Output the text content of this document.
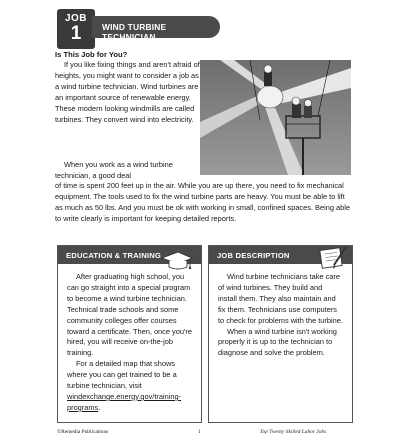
JOB
1	WIND TURBINE TECHNICIAN
Is This Job for You?

If you like fixing things and aren't afraid of heights, you might want to consider a job as a wind turbine technician. Wind turbines are an important source of renewable energy. These modern looking windmills are called turbines. They convert wind into electricity.

When you work as a wind turbine technician, a good deal

of time is spent 200 feet up in the air. While you are up there, you need to fix mechanical equipment. The tools used to fix the wind turbine parts are heavy. You must be able to lift as much as 50 lbs. And you must be ok with working in small, confined spaces. Being able to write clearly is important for keeping detailed reports.

EDUCATION & TRAINING

After graduating high school, you can go straight into a special program to become a wind turbine technician. Technical trade schools and some community colleges offer courses toward a certificate. Then, once you're hired, you will receive on-the-job training.

For a detailed map that shows where you can get trained to be a turbine technician, visit windexchange.energy.gov/training-programs.

JOB DESCRIPTION

Wind turbine technicians take care of wind turbines. They build and install them. They also maintain and fix them. Technicians use computers to check for problems with the turbine.

When a wind turbine isn't working properly it is up to the technician to diagnose and solve the problem.

©Remedia Publications	1	Top Twenty Skilled Labor Jobs
